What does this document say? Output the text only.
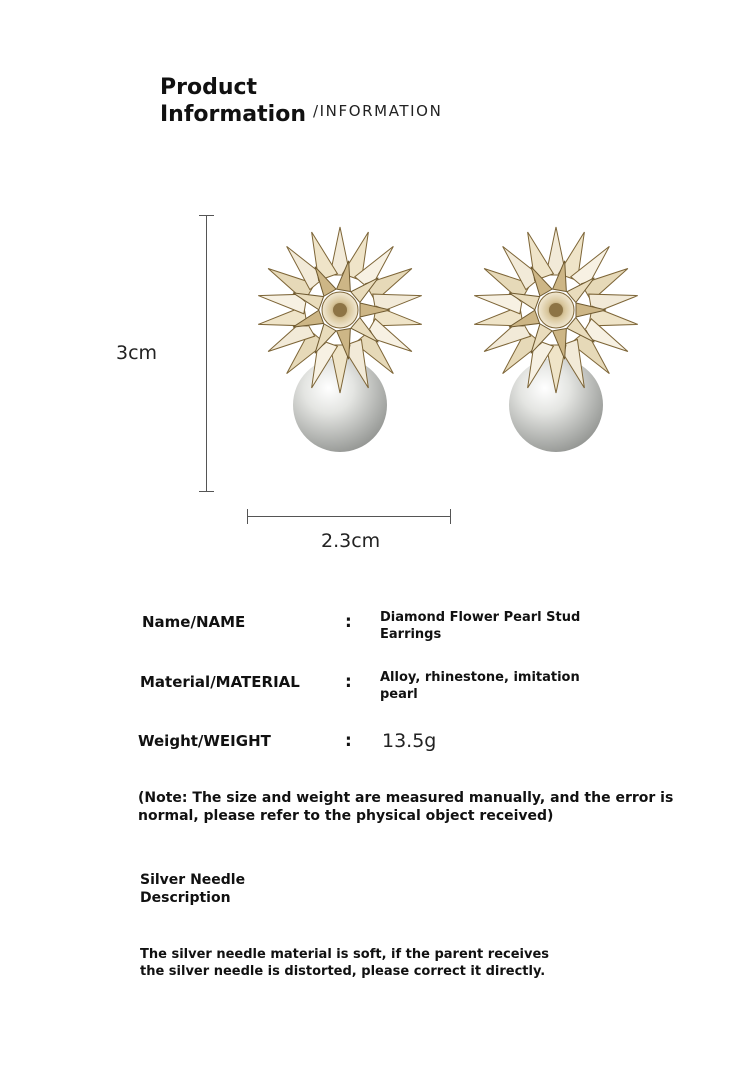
Product
Information /INFORMATION
3cm
2.3cm
Name/NAME	: Diamond Flower Pearl Stud Earrings
Material/MATERIAL	: Alloy, rhinestone, imitation pearl
Weight/WEIGHT	: 13.5g
(Note: The size and weight are measured manually, and the error is normal, please refer to the physical object received)
Silver Needle
Description
The silver needle material is soft, if the parent receives the silver needle is distorted, please correct it directly.
